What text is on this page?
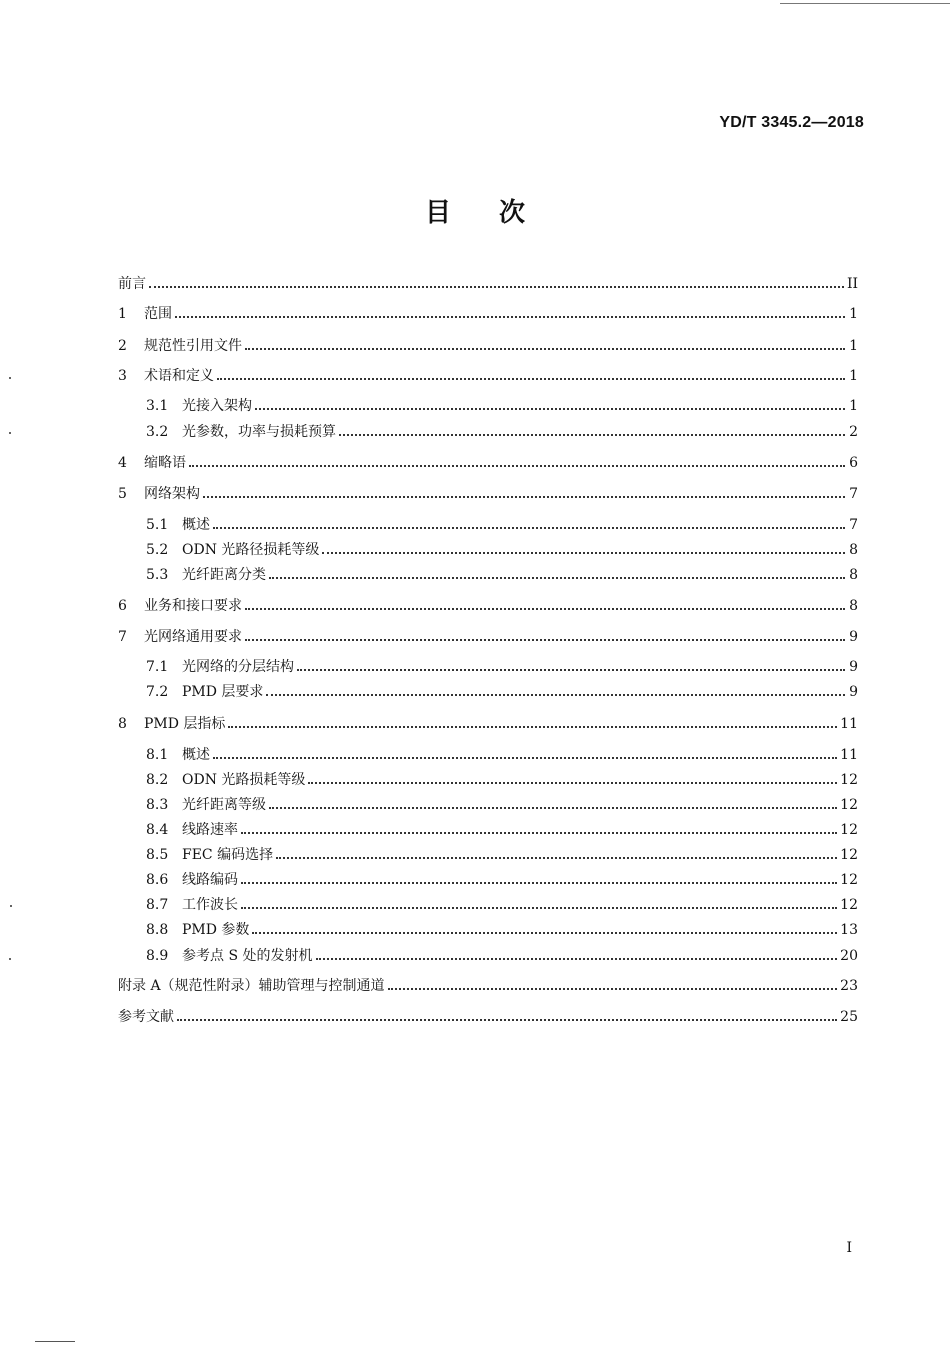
YD/T 3345.2—2018
目次
前言	II
1	范围	1
2	规范性引用文件	1
3	术语和定义	1
3.1 光接入架构	1
3.2 光参数，功率与损耗预算	2
4	缩略语	6
5	网络架构	7
5.1 概述	7
5.2 ODN 光路径损耗等级	8
5.3 光纤距离分类	8
6	业务和接口要求	8
7	光网络通用要求	9
7.1 光网络的分层结构	9
7.2 PMD 层要求	9
8	PMD 层指标	11
8.1 概述	11
8.2 ODN 光路损耗等级	12
8.3 光纤距离等级	12
8.4 线路速率	12
8.5 FEC 编码选择	12
8.6 线路编码	12
8.7 工作波长	12
8.8 PMD 参数	13
8.9 参考点 S 处的发射机	20
附录 A（规范性附录）辅助管理与控制通道	23
参考文献	25
I
